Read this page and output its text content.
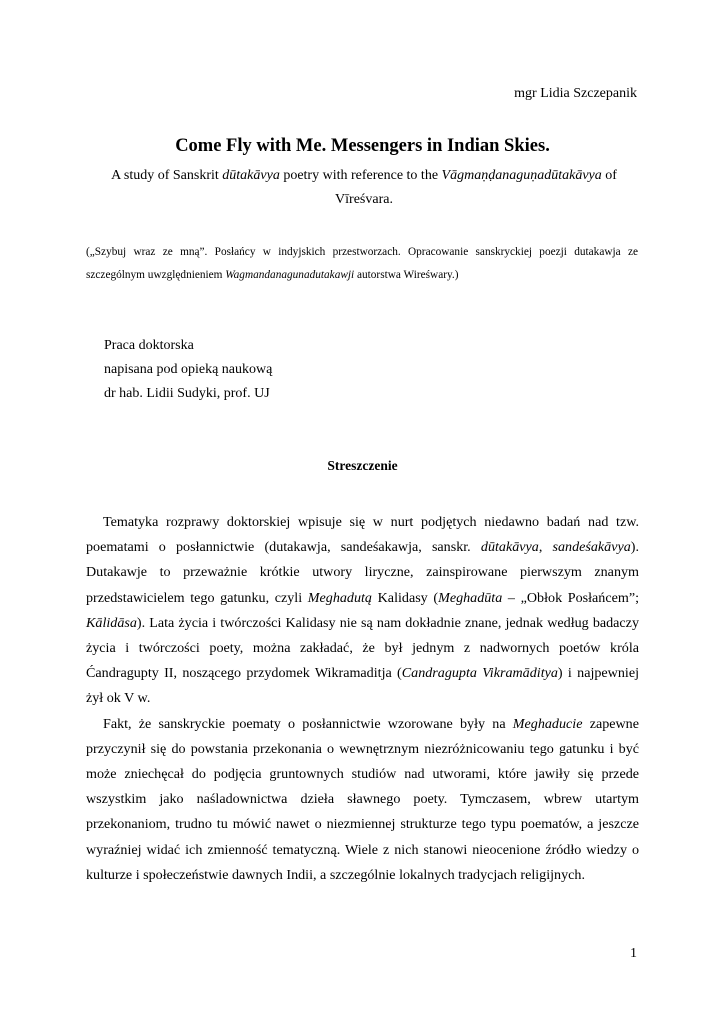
mgr Lidia Szczepanik
Come Fly with Me. Messengers in Indian Skies.
A study of Sanskrit dūtakāvya poetry with reference to the Vāgmaṇḍanaguṇadūtakāvya of Vīreśvara.
(„Szybuj wraz ze mną”. Posłańcy w indyjskich przestworzach. Opracowanie sanskryckiej poezji dutakawja ze szczególnym uwzględnieniem Wagmandanagunadutakawji autorstwa Wireśwary.)
Praca doktorska
napisana pod opieką naukową
dr hab. Lidii Sudyki, prof. UJ
Streszczenie

Tematyka rozprawy doktorskiej wpisuje się w nurt podjętych niedawno badań nad tzw. poematami o posłannictwie (dutakawja, sandeśakawja, sanskr. dūtakāvya, sandeśakāvya). Dutakawje to przeważnie krótkie utwory liryczne, zainspirowane pierwszym znanym przedstawicielem tego gatunku, czyli Meghadutą Kalidasy (Meghadūta – „Obłok Posłańcem”; Kālidāsa). Lata życia i twórczości Kalidasy nie są nam dokładnie znane, jednak według badaczy życia i twórczości poety, można zakładać, że był jednym z nadwornych poetów króla Ćandragupty II, noszącego przydomek Wikramaditja (Candragupta Vikramāditya) i najpewniej żył ok V w.

Fakt, że sanskryckie poematy o posłannictwie wzorowane były na Meghaducie zapewne przyczynił się do powstania przekonania o wewnętrznym niezróżnicowaniu tego gatunku i być może zniechęcał do podjęcia gruntownych studiów nad utworami, które jawiły się przede wszystkim jako naśladownictwa dzieła sławnego poety. Tymczasem, wbrew utartym przekonaniom, trudno tu mówić nawet o niezmiennej strukturze tego typu poematów, a jeszcze wyraźniej widać ich zmienność tematyczną. Wiele z nich stanowi nieocenione źródło wiedzy o kulturze i społeczeństwie dawnych Indii, a szczególnie lokalnych tradycjach religijnych.

1
